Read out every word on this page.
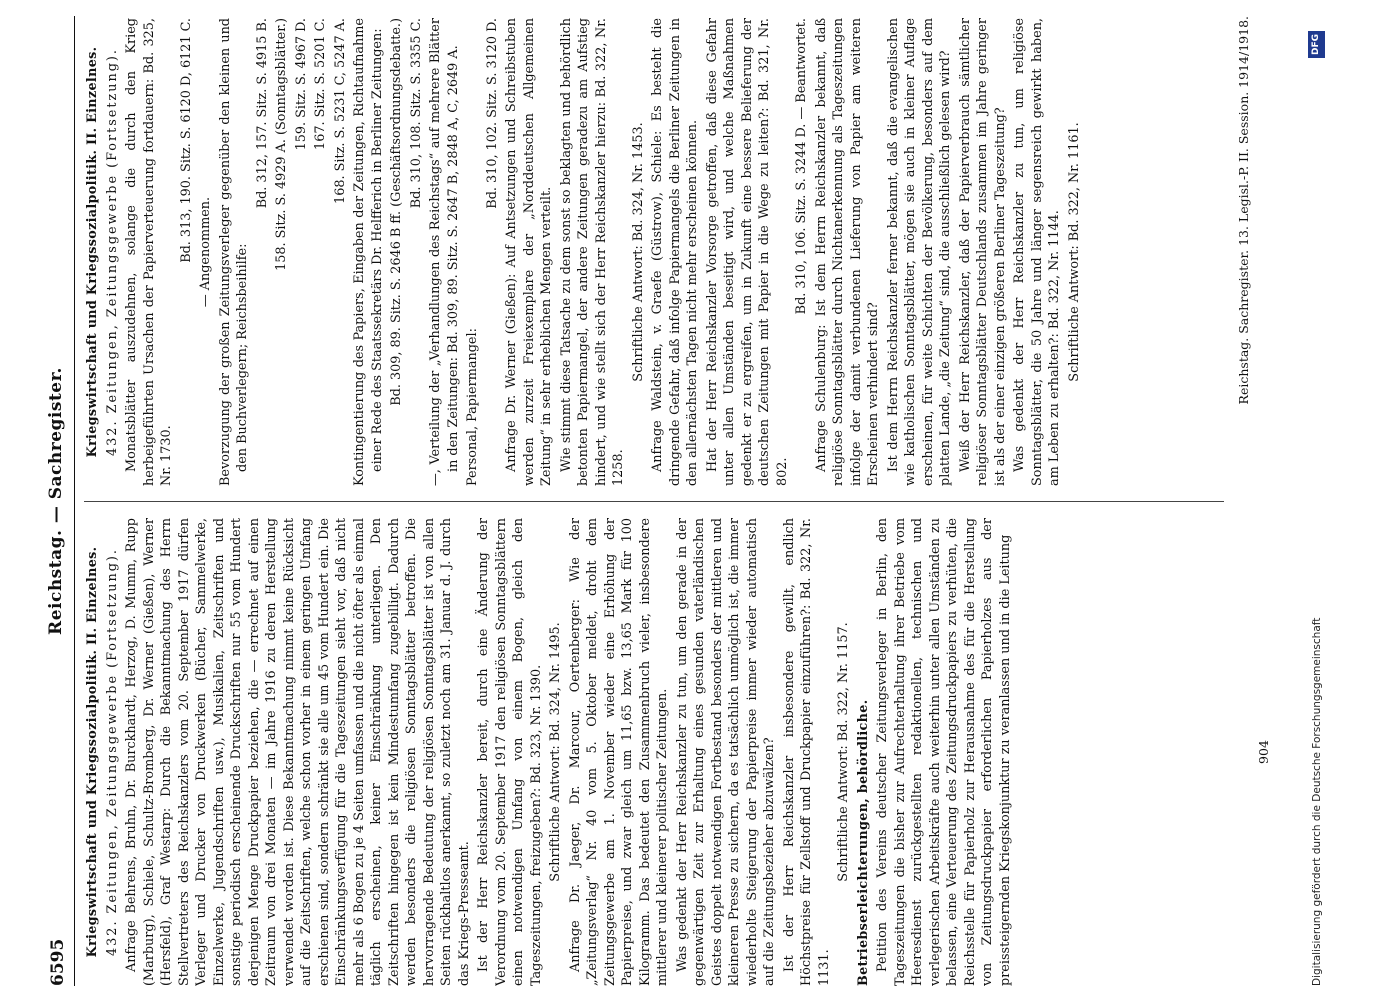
6595
Reichstag. — Sachregister.

Kriegswirtschaft und Kriegssozialpolitik. II. Einzelnes. 432. Zeitungen, Zeitungsgewerbe (Fortsetzung). Anfrage Behrens, Bruhn, Dr. Burckhardt, Herzog, D. Mumm, Rupp (Marburg), Schiele, Schultz-Bromberg, Dr. Werner (Gießen), Werner (Hersfeld), Graf Westarp: Durch die Bekanntmachung des Herrn Stellvertreters des Reichskanzlers vom 20. September 1917 dürfen Verleger und Drucker von Druckwerken (Bücher, Sammelwerke, Einzelwerke, Jugendschriften usw.), Musikalien, Zeitschriften und sonstige periodisch erscheinende Druckschriften nur 55 vom Hundert derjenigen Menge Druckpapier beziehen, die — errechnet auf einen Zeitraum von drei Monaten — im Jahre 1916 zu deren Herstellung verwendet worden ist. Diese Bekanntmachung nimmt keine Rücksicht auf die Zeitschriften, welche schon vorher in einem geringen Umfang erschienen sind, sondern schränkt sie alle um 45 vom Hundert ein. Die Einschränkungsverfügung für die Tageszeitungen sieht vor, daß nicht mehr als 6 Bogen zu je 4 Seiten umfassen und die nicht öfter als einmal täglich erscheinen, keiner Einschränkung unterliegen. Den Zeitschriften hingegen ist kein Mindestumfang zugebilligt. Dadurch werden besonders die religiösen Sonntagsblätter betroffen. Die hervorragende Bedeutung der religiösen Sonntagsblätter ist von allen Seiten rückhaltlos anerkannt, so zuletzt noch am 31. Januar d. J. durch das Kriegs-Presseamt. Ist der Herr Reichskanzler bereit, durch eine Änderung der Verordnung vom 20. September 1917 den religiösen Sonntagsblättern einen notwendigen Umfang von einem Bogen, gleich den Tageszeitungen, freizugeben?: Bd. 323, Nr. 1390. Schriftliche Antwort: Bd. 324, Nr. 1495. Anfrage Dr. Jaeger, Dr. Marcour, Oertenberger: Wie der „Zeitungsverlag“ Nr. 40 vom 5. Oktober meldet, droht dem Zeitungsgewerbe am 1. November wieder eine Erhöhung der Papierpreise, und zwar gleich um 11,65 bzw. 13,65 Mark für 100 Kilogramm. Das bedeutet den Zusammenbruch vieler, insbesondere mittlerer und kleinerer politischer Zeitungen. Was gedenkt der Herr Reichskanzler zu tun, um den gerade in der gegenwärtigen Zeit zur Erhaltung eines gesunden vaterländischen Geistes doppelt notwendigen Fortbestand besonders der mittleren und kleineren Presse zu sichern, da es tatsächlich unmöglich ist, die immer wiederholte Steigerung der Papierpreise immer wieder automatisch auf die Zeitungsbezieher abzuwälzen? Ist der Herr Reichskanzler insbesondere gewillt, endlich Höchstpreise für Zellstoff und Druckpapier einzuführen?: Bd. 322, Nr. 1131.

Schriftliche Antwort: Bd. 322, Nr. 1157. Betriebserleichterungen, behördliche. Petition des Vereins deutscher Zeitungsverleger in Berlin, den Tageszeitungen die bisher zur Aufrechterhaltung ihrer Betriebe vom Heeresdienst zurückgestellten redaktionellen, technischen und verlegerischen Arbeitskräfte auch weiterhin unter allen Umständen zu belassen, eine Verteuerung des Zeitungsdruckpapiers zu verhüten, die Reichsstelle für Papierholz zur Herausnahme des für die Herstellung von Zeitungsdruckpapier erforderlichen Papierholzes aus der preissteigernden Kriegskonjunktur zu veranlassen und in die Leitung

Kriegswirtschaft und Kriegssozialpolitik. II. Einzelnes. 432. Zeitungen, Zeitungsgewerbe (Fortsetzung). Monatsblätter auszudehnen, solange die durch den Krieg herbeigeführten Ursachen der Papierverteuerung fortdauern: Bd. 325, Nr. 1730.

Bd. 313, 190. Sitz. S. 6120 D, 6121 C. — Angenommen. Bevorzugung der großen Zeitungsverleger gegenüber den kleinen und den Buchverlegern; Reichsbeihilfe:

Bd. 312, 157. Sitz. S. 4915 B. 158. Sitz. S. 4929 A. (Sonntagsblätter.) 159. Sitz. S. 4967 D. 167. Sitz. S. 5201 C. 168. Sitz. S. 5231 C, 5247 A. Kontingentierung des Papiers, Eingaben der Zeitungen, Richtaufnahme einer Rede des Staatssekretärs Dr. Helfferich in Berliner Zeitungen: Bd. 309, 89. Sitz. S. 2646 B ff. (Geschäftsordnungsdebatte.) Bd. 310, 108. Sitz. S. 3355 C. —, Verteilung der „Verhandlungen des Reichstags“ auf mehrere Blätter in den Zeitungen: Bd. 309, 89. Sitz. S. 2647 B, 2848 A, C, 2649 A. Personal, Papiermangel:

Bd. 310, 102. Sitz. S. 3120 D. Anfrage Dr. Werner (Gießen): Auf Antsetzungen und Schreibstuben werden zurzeit Freiexemplare der „Norddeutschen Allgemeinen Zeitung“ in sehr erheblichen Mengen verteilt. Wie stimmt diese Tatsache zu dem sonst so beklagten und behördlich betonten Papiermangel, der andere Zeitungen geradezu am Aufstieg hindert, und wie stellt sich der Herr Reichskanzler hierzu: Bd. 322, Nr. 1258.

Schriftliche Antwort: Bd. 324, Nr. 1453. Anfrage Waldstein, v. Graefe (Güstrow), Schiele: Es besteht die dringende Gefahr, daß infolge Papiermangels die Berliner Zeitungen in den allernächsten Tagen nicht mehr erscheinen können. Hat der Herr Reichskanzler Vorsorge getroffen, daß diese Gefahr unter allen Umständen beseitigt wird, und welche Maßnahmen gedenkt er zu ergreifen, um in Zukunft eine bessere Belieferung der deutschen Zeitungen mit Papier in die Wege zu leiten?: Bd. 321, Nr. 802.

Bd. 310, 106. Sitz. S. 3244 D. — Beantwortet. Anfrage Schulenburg: Ist dem Herrn Reichskanzler bekannt, daß religiöse Sonntagsblätter durch Nichtanerkennung als Tageszeitungen infolge der damit verbundenen Lieferung von Papier am weiteren Erscheinen verhindert sind? Ist dem Herrn Reichskanzler ferner bekannt, daß die evangelischen wie katholischen Sonntagsblätter, mögen sie auch in kleiner Auflage erscheinen, für weite Schichten der Bevölkerung, besonders auf dem platten Lande, „die Zeitung“ sind, die ausschließlich gelesen wird? Weiß der Herr Reichskanzler, daß der Papierverbrauch sämtlicher religiöser Sonntagsblätter Deutschlands zusammen im Jahre geringer ist als der einer einzigen größeren Berliner Tageszeitung? Was gedenkt der Herr Reichskanzler zu tun, um religiöse Sonntagsblätter, die 50 Jahre und länger segensreich gewirkt haben, am Leben zu erhalten?: Bd. 322, Nr. 1144. Schriftliche Antwort: Bd. 322, Nr. 1161.	Reichstag. Sachregister. 13. Legisl.-P. II. Session. 1914/1918.
904	Digitalisierung gefördert durch die Deutsche Forschungsgemeinschaft
DFG
